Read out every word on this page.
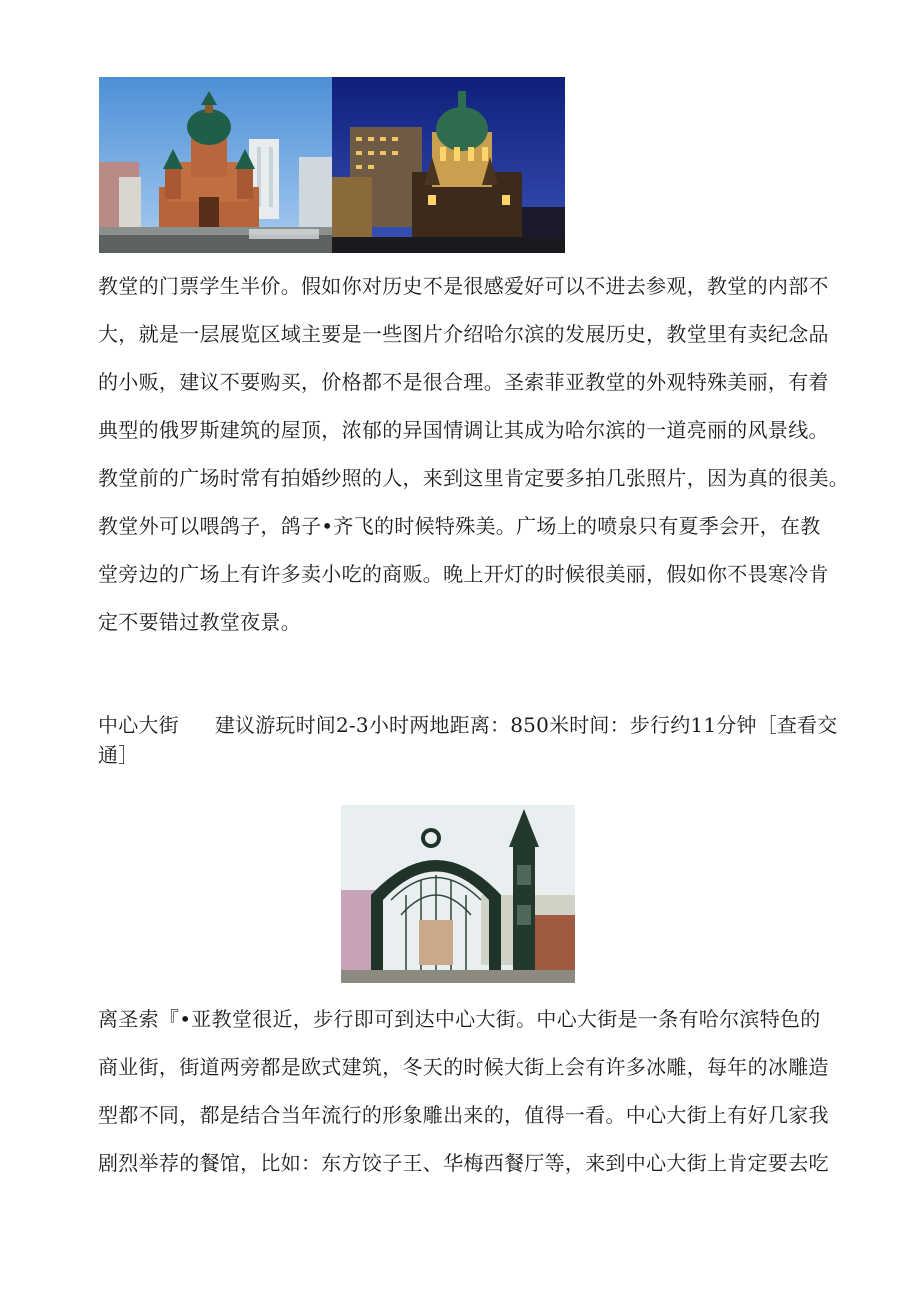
教堂的门票学生半价。假如你对历史不是很感爱好可以不进去参观，教堂的内部不
大，就是一层展览区域主要是一些图片介绍哈尔滨的发展历史，教堂里有卖纪念品
的小贩，建议不要购买，价格都不是很合理。圣索菲亚教堂的外观特殊美丽，有着
典型的俄罗斯建筑的屋顶，浓郁的异国情调让其成为哈尔滨的一道亮丽的风景线。
教堂前的广场时常有拍婚纱照的人，来到这里肯定要多拍几张照片，因为真的很美。
教堂外可以喂鸽子，鸽子•齐飞的时候特殊美。广场上的喷泉只有夏季会开，在教
堂旁边的广场上有许多卖小吃的商贩。晚上开灯的时候很美丽，假如你不畏寒冷肯
定不要错过教堂夜景。

中心大街 建议游玩时间2-3小时两地距离：850米时间：步行约11分钟［查看交
通］

离圣索『•亚教堂很近，步行即可到达中心大街。中心大街是一条有哈尔滨特色的
商业街，街道两旁都是欧式建筑，冬天的时候大街上会有许多冰雕，每年的冰雕造
型都不同，都是结合当年流行的形象雕出来的，值得一看。中心大街上有好几家我
剧烈举荐的餐馆，比如：东方饺子王、华梅西餐厅等，来到中心大街上肯定要去吃
